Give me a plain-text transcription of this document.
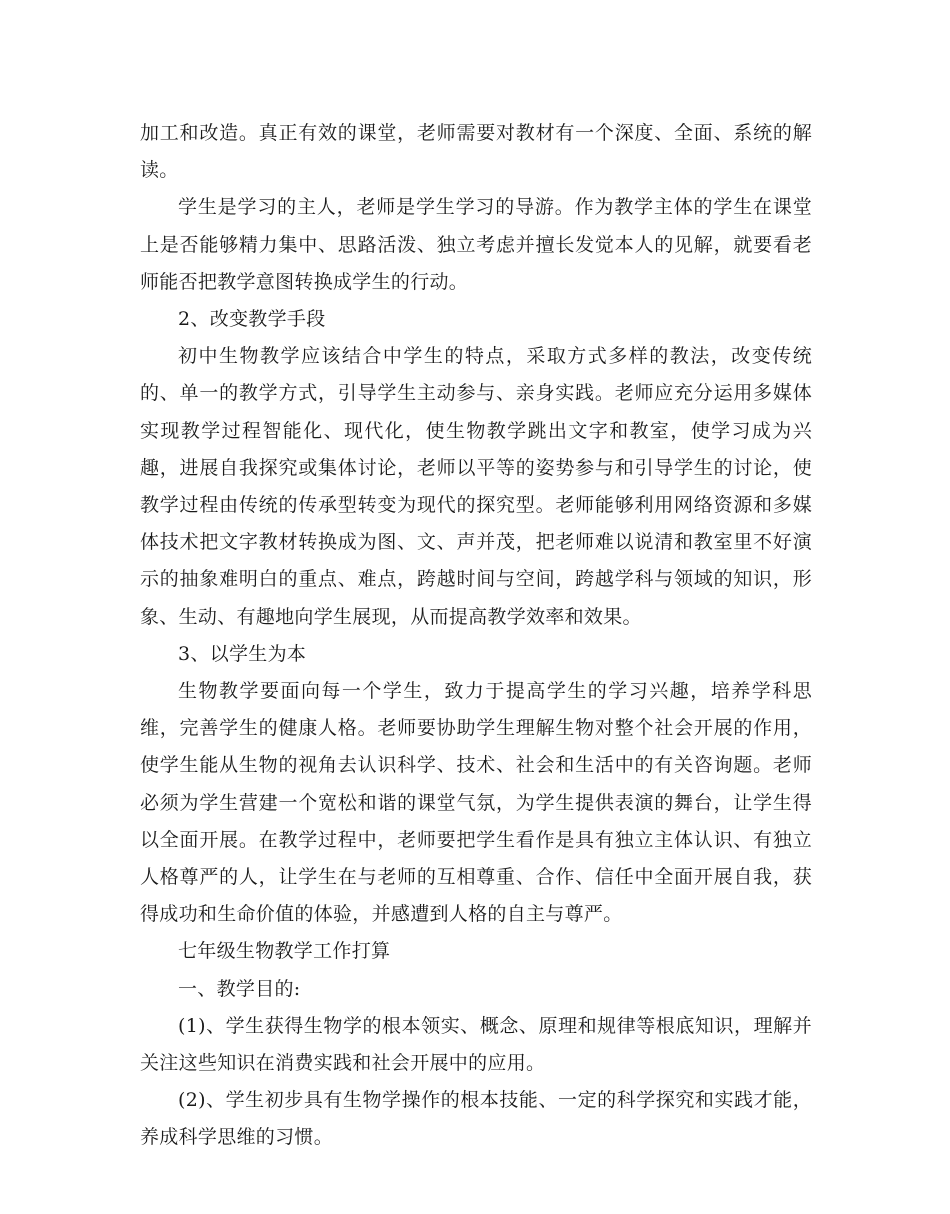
加工和改造。真正有效的课堂，老师需要对教材有一个深度、全面、系统的解读。

学生是学习的主人，老师是学生学习的导游。作为教学主体的学生在课堂上是否能够精力集中、思路活泼、独立考虑并擅长发觉本人的见解，就要看老师能否把教学意图转换成学生的行动。

2、改变教学手段

初中生物教学应该结合中学生的特点，采取方式多样的教法，改变传统的、单一的教学方式，引导学生主动参与、亲身实践。老师应充分运用多媒体实现教学过程智能化、现代化，使生物教学跳出文字和教室，使学习成为兴趣，进展自我探究或集体讨论，老师以平等的姿势参与和引导学生的讨论，使教学过程由传统的传承型转变为现代的探究型。老师能够利用网络资源和多媒体技术把文字教材转换成为图、文、声并茂，把老师难以说清和教室里不好演示的抽象难明白的重点、难点，跨越时间与空间，跨越学科与领域的知识，形象、生动、有趣地向学生展现，从而提高教学效率和效果。

3、以学生为本

生物教学要面向每一个学生，致力于提高学生的学习兴趣，培养学科思维，完善学生的健康人格。老师要协助学生理解生物对整个社会开展的作用，使学生能从生物的视角去认识科学、技术、社会和生活中的有关咨询题。老师必须为学生营建一个宽松和谐的课堂气氛，为学生提供表演的舞台，让学生得以全面开展。在教学过程中，老师要把学生看作是具有独立主体认识、有独立人格尊严的人，让学生在与老师的互相尊重、合作、信任中全面开展自我，获得成功和生命价值的体验，并感遭到人格的自主与尊严。

七年级生物教学工作打算

一、教学目的:

(1)、学生获得生物学的根本领实、概念、原理和规律等根底知识，理解并关注这些知识在消费实践和社会开展中的应用。

(2)、学生初步具有生物学操作的根本技能、一定的科学探究和实践才能，养成科学思维的习惯。
